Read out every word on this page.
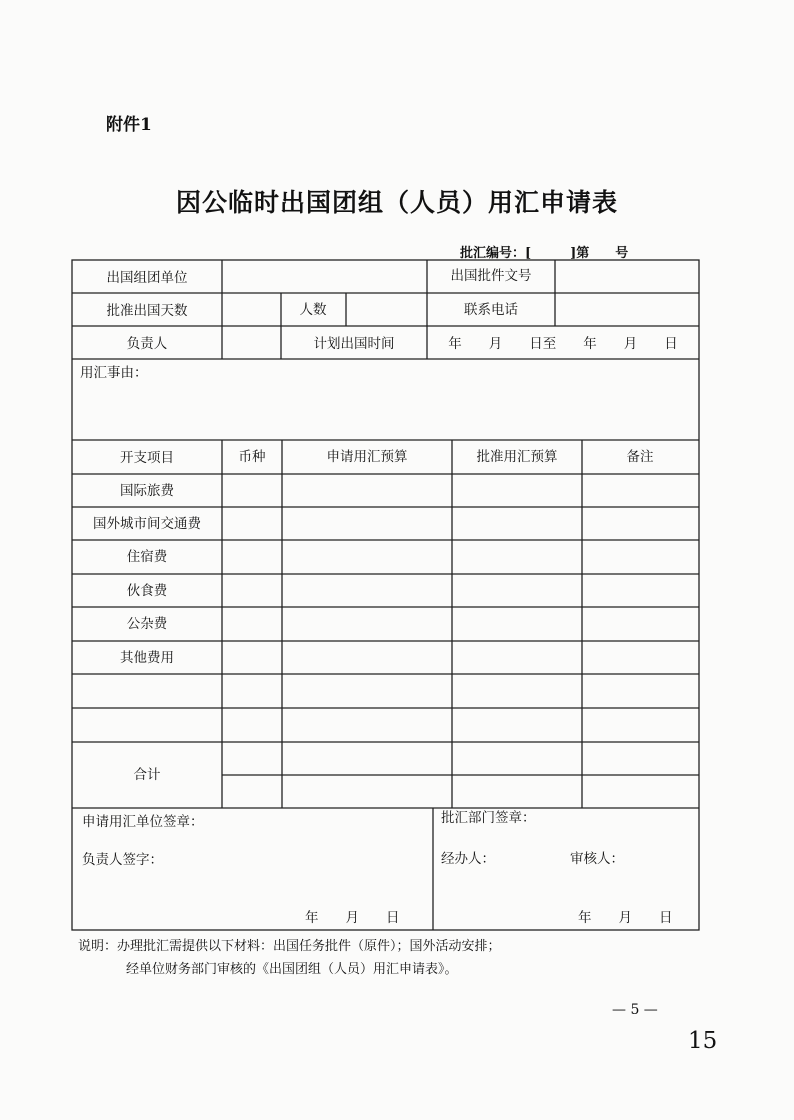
附件1
因公临时出国团组（人员）用汇申请表
批汇编号：[　　　]第　　号
出国组团单位	出国批件文号
批准出国天数	人数	联系电话
负责人	计划出国时间	年　　月　　日至　　年　　月　　日
用汇事由：
开支项目	币种	申请用汇预算	批准用汇预算	备注
国际旅费
国外城市间交通费
住宿费
伙食费
公杂费
其他费用
合计
申请用汇单位签章：
负责人签字：
年　　月　　日
批汇部门签章：
经办人：	审核人：
年　　月　　日
说明：办理批汇需提供以下材料：出国任务批件（原件）；国外活动安排；
经单位财务部门审核的《出国团组（人员）用汇申请表》。
— 5 —
15
